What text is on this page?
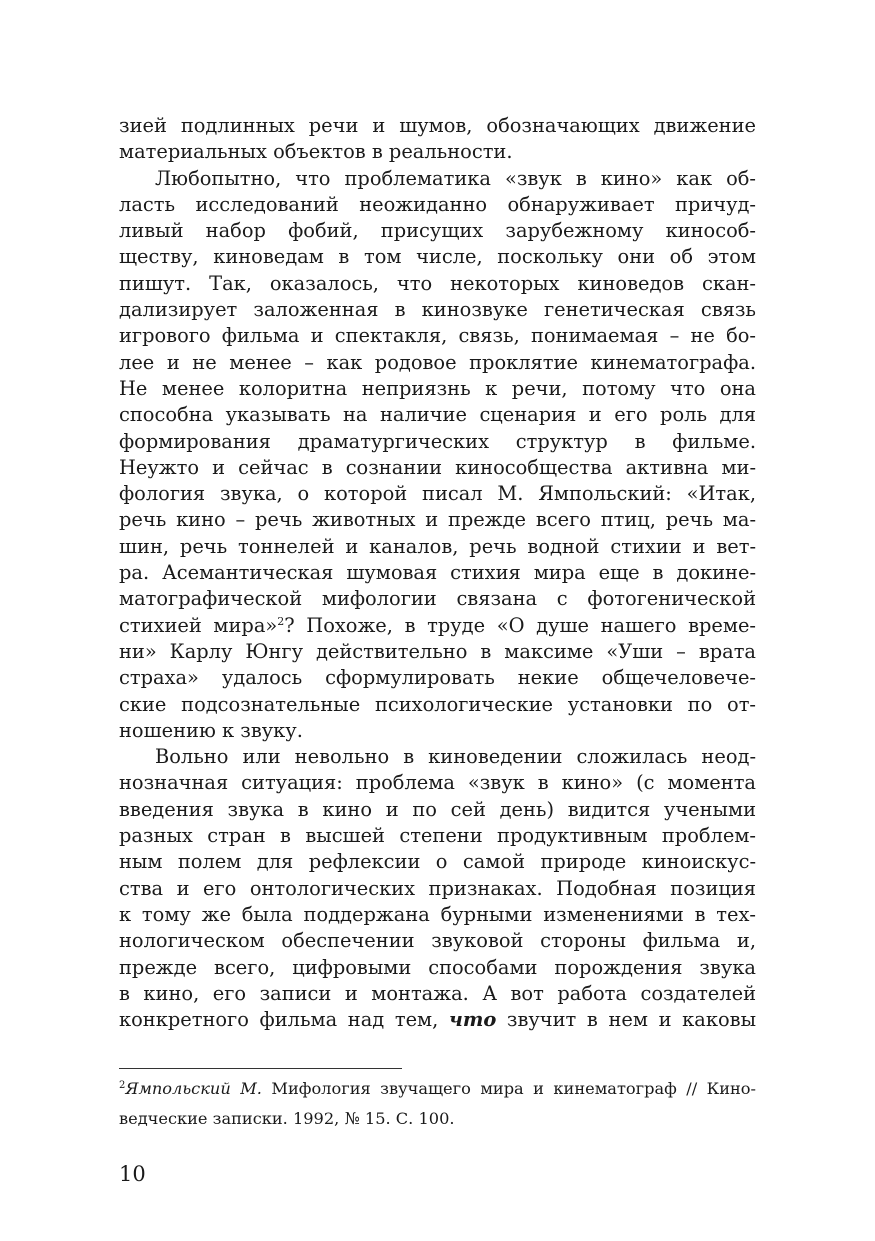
зией подлинных речи и шумов, обозначающих движение
материальных объектов в реальности.
Любопытно, что проблематика «звук в кино» как об-
ласть исследований неожиданно обнаруживает причуд-
ливый набор фобий, присущих зарубежному кинособ-
ществу, киноведам в том числе, поскольку они об этом
пишут. Так, оказалось, что некоторых киноведов скан-
дализирует заложенная в кинозвуке генетическая связь
игрового фильма и спектакля, связь, понимаемая – не бо-
лее и не менее – как родовое проклятие кинематографа.
Не менее колоритна неприязнь к речи, потому что она
способна указывать на наличие сценария и его роль для
формирования драматургических структур в фильме.
Неужто и сейчас в сознании кинособщества активна ми-
фология звука, о которой писал М. Ямпольский: «Итак,
речь кино – речь животных и прежде всего птиц, речь ма-
шин, речь тоннелей и каналов, речь водной стихии и вет-
ра. Асемантическая шумовая стихия мира еще в докине-
матографической мифологии связана с фотогенической
стихией мира»$^2$? Похоже, в труде «О душе нашего време-
ни» Карлу Юнгу действительно в максиме «Уши – врата
страха» удалось сформулировать некие общечеловече-
ские подсознательные психологические установки по от-
ношению к звуку.
Вольно или невольно в киноведении сложилась неод-
нозначная ситуация: проблема «звук в кино» (с момента
введения звука в кино и по сей день) видится учеными
разных стран в высшей степени продуктивным проблем-
ным полем для рефлексии о самой природе киноискус-
ства и его онтологических признаках. Подобная позиция
к тому же была поддержана бурными изменениями в тех-
нологическом обеспечении звуковой стороны фильма и,
прежде всего, цифровыми способами порождения звука
в кино, его записи и монтажа. А вот работа создателей
конкретного фильма над тем, что звучит в нем и каковы
$^2$Ямпольский М. Мифология звучащего мира и кинематограф // Кино-
ведческие записки. 1992, № 15. С. 100.
10
